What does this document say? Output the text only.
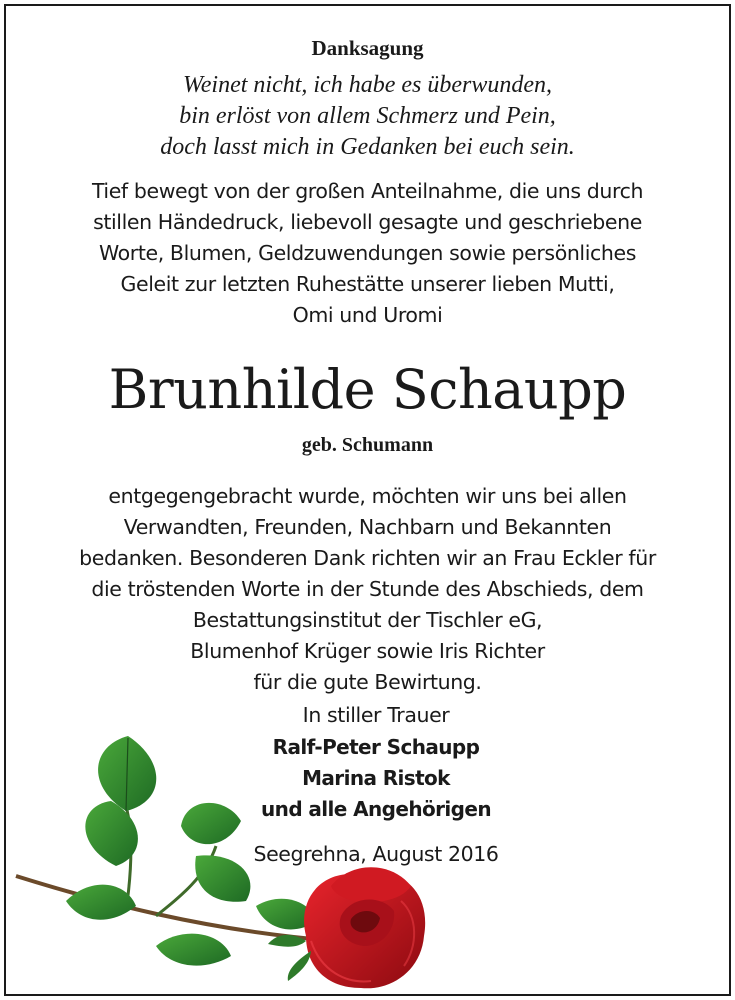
Danksagung
Weinet nicht, ich habe es überwunden,
bin erlöst von allem Schmerz und Pein,
doch lasst mich in Gedanken bei euch sein.
Tief bewegt von der großen Anteilnahme, die uns durch
stillen Händedruck, liebevoll gesagte und geschriebene
Worte, Blumen, Geldzuwendungen sowie persönliches
Geleit zur letzten Ruhestätte unserer lieben Mutti,
Omi und Uromi
Brunhilde Schaupp
geb. Schumann
entgegengebracht wurde, möchten wir uns bei allen
Verwandten, Freunden, Nachbarn und Bekannten
bedanken. Besonderen Dank richten wir an Frau Eckler für
die tröstenden Worte in der Stunde des Abschieds, dem
Bestattungsinstitut der Tischler eG,
Blumenhof Krüger sowie Iris Richter
für die gute Bewirtung.
In stiller Trauer
Ralf-Peter Schaupp
Marina Ristok
und alle Angehörigen
Seegrehna, August 2016
